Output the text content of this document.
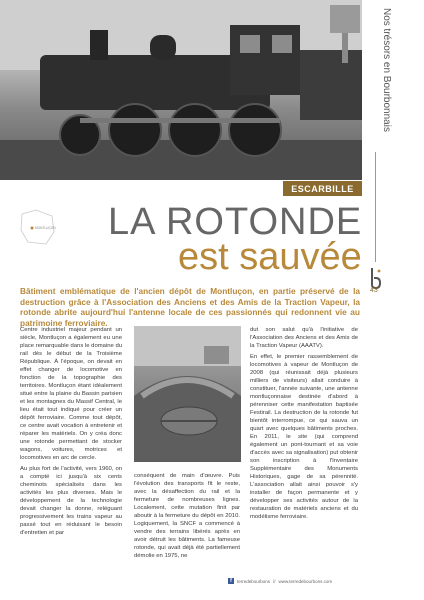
ESCARBILLE
Nos trésors en Bourbonnais
43
MONTLUÇON LA ROTONDE
est sauvée
Bâtiment emblématique de l'ancien dépôt de Montluçon, en partie préservé de la destruction grâce à l'Association des Anciens et des Amis de la Traction Vapeur, la rotonde abrite aujourd'hui l'antenne locale de ces passionnés qui redonnent vie au patrimoine ferroviaire.

Centre industriel majeur pendant un siècle, Montluçon a également eu une place remarquable dans le domaine du rail dès le début de la Troisième République. À l'époque, on devait en effet changer de locomotive en fonction de la topographie des territoires. Montluçon étant idéalement situé entre la plaine du Bassin parisien et les montagnes du Massif Central, le lieu était tout indiqué pour créer un dépôt ferroviaire. Comme tout dépôt, ce centre avait vocation à entretenir et réparer les matériels. On y créa donc une rotonde permettant de stocker wagons, voitures, motrices et locomotives en arc de cercle.

Au plus fort de l'activité, vers 1960, on a compté ici jusqu'à six cents cheminots spécialisés dans les activités les plus diverses. Mais le développement de la technologie devait changer la donne, reléguant progressivement les trains vapeur au passé tout en réduisant le besoin d'entretien et par

conséquent de main d'œuvre. Puis l'évolution des transports fit le reste, avec la désaffection du rail et la fermeture de nombreuses lignes. Localement, cette mutation finit par aboutir à la fermeture du dépôt en 2010. Logiquement, la SNCF a commencé à vendre des terrains libérés après en avoir détruit les bâtiments. La fameuse rotonde, qui avait déjà été partiellement démolie en 1975, ne

dut son salut qu'à l'initiative de l'Association des Anciens et des Amis de la Traction Vapeur (AAATV).

En effet, le premier rassemblement de locomotives à vapeur de Montluçon de 2008 (qui réunissait déjà plusieurs milliers de visiteurs) allait conduire à constituer, l'année suivante, une antenne montluçonnaise destinée d'abord à pérenniser cette manifestation baptisée Festirail. La destruction de la rotonde fut bientôt interrompue, ce qui sauva un quart avec quelques bâtiments proches. En 2011, le site (qui comprend également un pont-tournant et sa voie d'accès avec sa signalisation) put obtenir son inscription à l'Inventaire Supplémentaire des Monuments Historiques, gage de sa pérennité. L'association allait ainsi pouvoir s'y installer de façon permanente et y développer ses activités autour de la restauration de matériels anciens et du modélisme ferroviaire.

f	terredebourbons // www.terredebourbons.com
